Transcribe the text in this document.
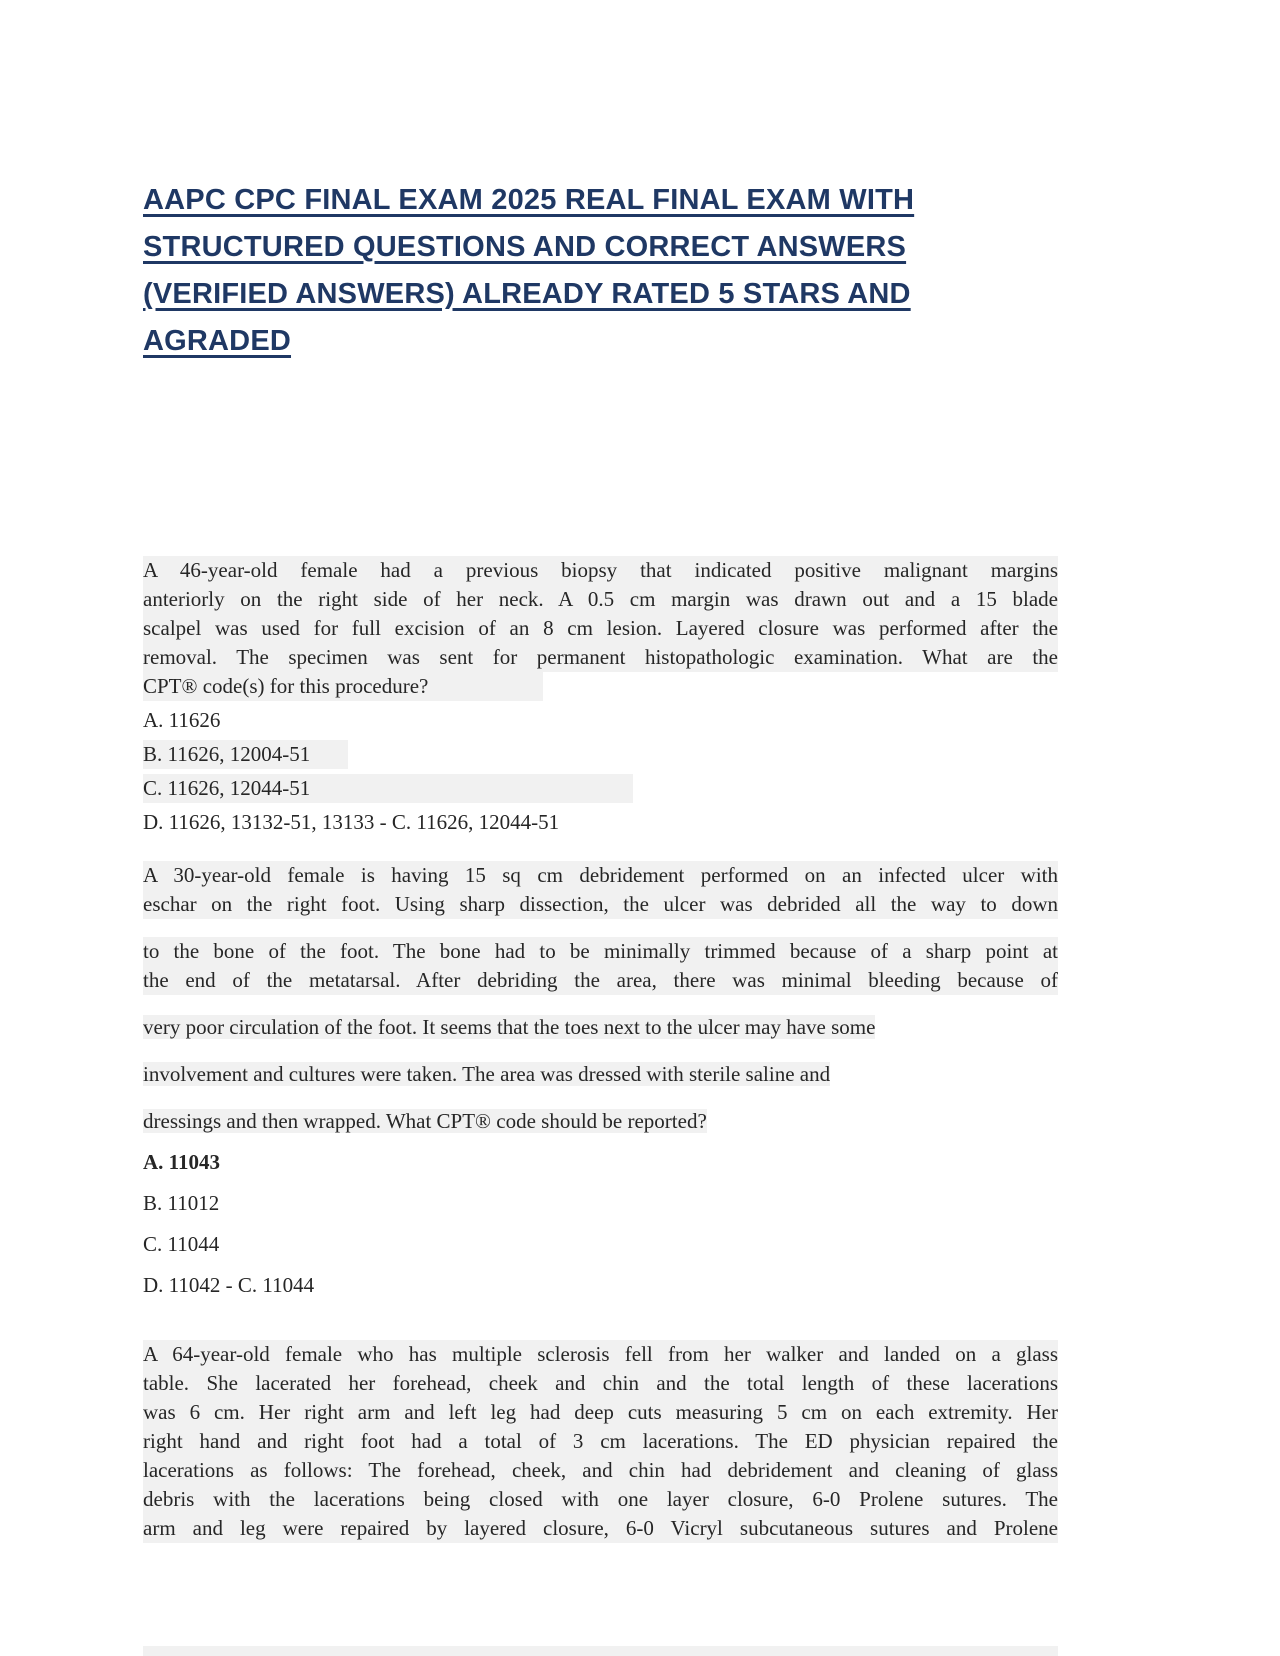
AAPC CPC FINAL EXAM 2025 REAL FINAL EXAM WITH
STRUCTURED QUESTIONS AND CORRECT ANSWERS
(VERIFIED ANSWERS) ALREADY RATED 5 STARS AND
AGRADED
A 46-year-old female had a previous biopsy that indicated positive malignant margins
anteriorly on the right side of her neck. A 0.5 cm margin was drawn out and a 15 blade
scalpel was used for full excision of an 8 cm lesion. Layered closure was performed after the
removal. The specimen was sent for permanent histopathologic examination. What are the
CPT® code(s) for this procedure?
A. 11626
B. 11626, 12004-51
C. 11626, 12044-51
D. 11626, 13132-51, 13133 - C. 11626, 12044-51
A 30-year-old female is having 15 sq cm debridement performed on an infected ulcer with
eschar on the right foot. Using sharp dissection, the ulcer was debrided all the way to down
to the bone of the foot. The bone had to be minimally trimmed because of a sharp point at
the end of the metatarsal. After debriding the area, there was minimal bleeding because of
very poor circulation of the foot. It seems that the toes next to the ulcer may have some
involvement and cultures were taken. The area was dressed with sterile saline and
dressings and then wrapped. What CPT® code should be reported?
A. 11043
B. 11012
C. 11044
D. 11042 - C. 11044
A 64-year-old female who has multiple sclerosis fell from her walker and landed on a glass
table. She lacerated her forehead, cheek and chin and the total length of these lacerations
was 6 cm. Her right arm and left leg had deep cuts measuring 5 cm on each extremity. Her
right hand and right foot had a total of 3 cm lacerations. The ED physician repaired the
lacerations as follows: The forehead, cheek, and chin had debridement and cleaning of glass
debris with the lacerations being closed with one layer closure, 6-0 Prolene sutures. The
arm and leg were repaired by layered closure, 6-0 Vicryl subcutaneous sutures and Prolene
